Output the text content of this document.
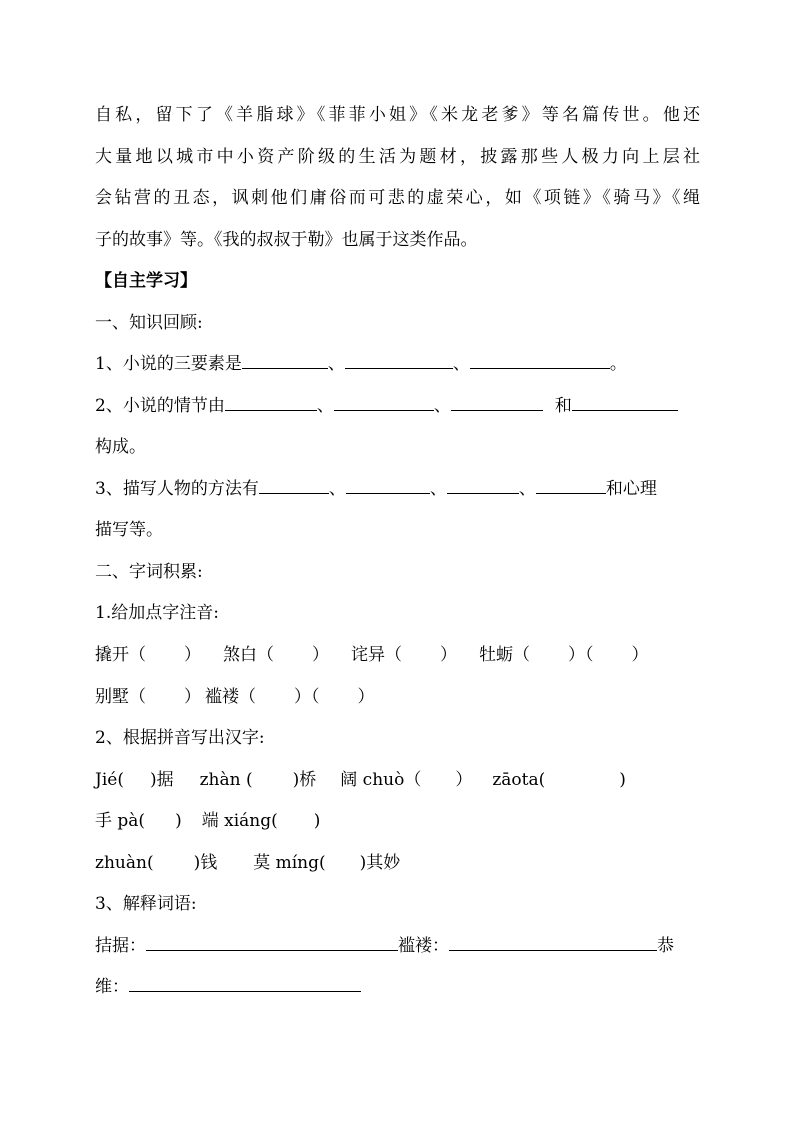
自私，留下了《羊脂球》《菲菲小姐》《米龙老爹》等名篇传世。他还
大量地以城市中小资产阶级的生活为题材，披露那些人极力向上层社
会钻营的丑态，讽刺他们庸俗而可悲的虚荣心，如《项链》《骑马》《绳
子的故事》等。《我的叔叔于勒》也属于这类作品。
【自主学习】
一、知识回顾:
1、小说的三要素是	、	、	。
2、小说的情节由	、	、	和
构成。
3、描写人物的方法有	、	、	、	和心理
描写等。
二、字词积累:
1.给加点字注音:
撬开（ ） 煞白（ ） 诧异（ ） 牡蛎（ ）（ ）
别墅（ ） 褴褛（ ）（ ）
2、根据拼音写出汉字:
Jié( )据 zhàn ( )桥 阔 chuò（ ） zāota(	)
手 pà( ) 端 xiáng( )
zhuàn( )钱 莫 míng( )其妙
3、解释词语:
拮据：	褴褛：	恭
维：
